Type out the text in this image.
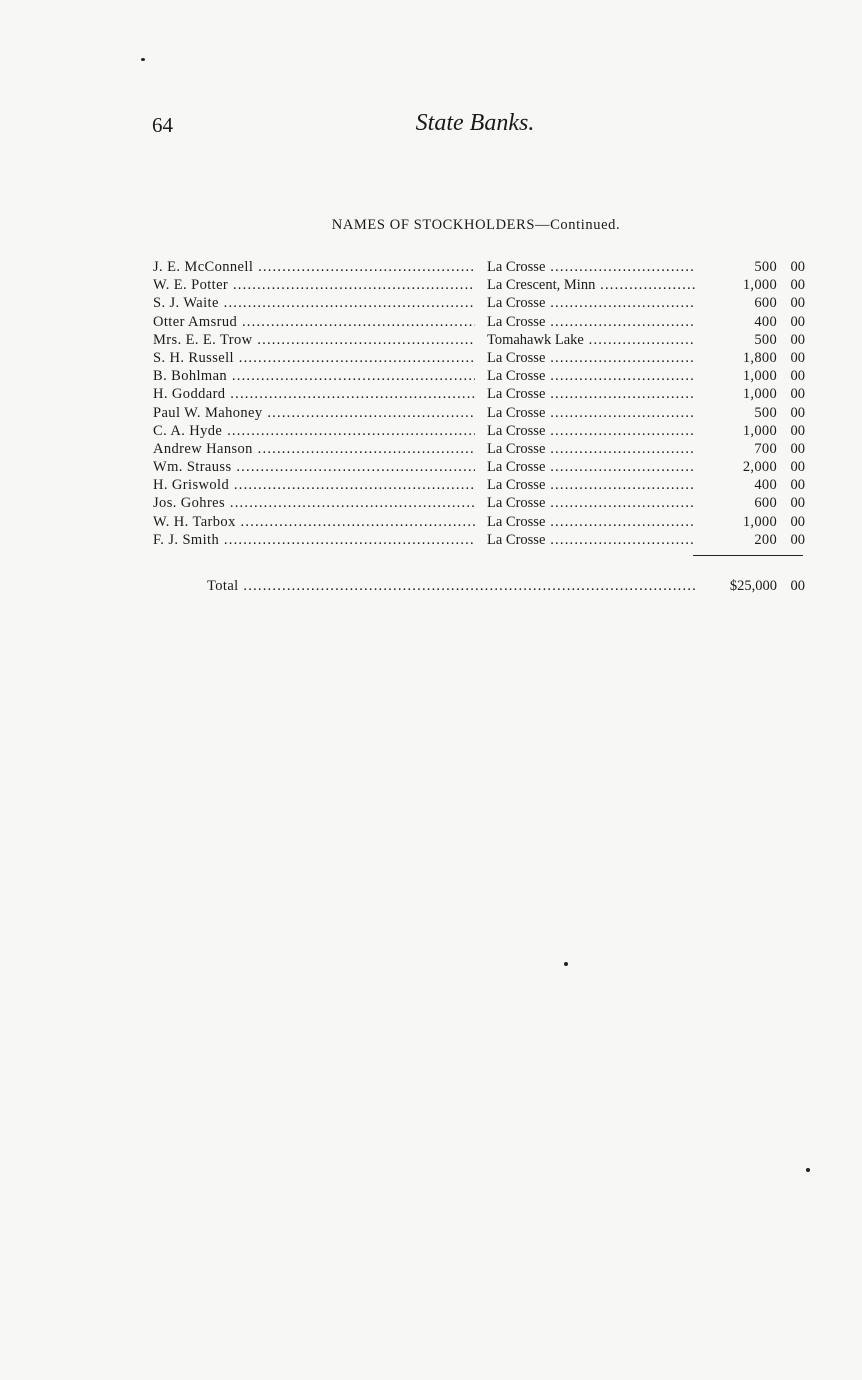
64	State Banks.
NAMES OF STOCKHOLDERS—Continued.
J. E. McConnell .....	La Crosse .....	500 00
W. E. Potter .....	La Crescent, Minn .....	1,000 00
S. J. Waite .....	La Crosse .....	600 00
Otter Amsrud .....	La Crosse .....	400 00
Mrs. E. E. Trow .....	Tomahawk Lake .....	500 00
S. H. Russell .....	La Crosse .....	1,800 00
B. Bohlman .....	La Crosse .....	1,000 00
H. Goddard .....	La Crosse .....	1,000 00
Paul W. Mahoney .....	La Crosse .....	500 00
C. A. Hyde .....	La Crosse .....	1,000 00
Andrew Hanson .....	La Crosse .....	700 00
Wm. Strauss .....	La Crosse .....	2,000 00
H. Griswold .....	La Crosse .....	400 00
Jos. Gohres .....	La Crosse .....	600 00
W. H. Tarbox .....	La Crosse .....	1,000 00
F. J. Smith .....	La Crosse .....	200 00
Total .....	$25,000 00
